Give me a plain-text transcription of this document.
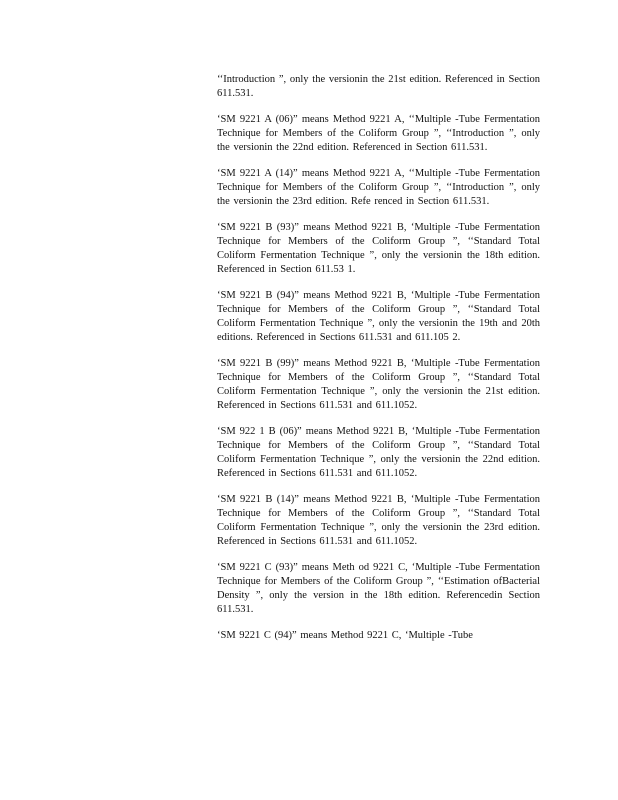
‘‘Introduction ”, only the versionin the 21st edition. Referenced in Section 611.531.

‘SM 9221 A (06)” means Method 9221 A, ‘‘Multiple -Tube Fermentation Technique for Members of the Coliform Group ”, ‘‘Introduction ”, only the versionin the 22nd edition. Referenced in Section 611.531.

‘SM 9221 A (14)” means Method 9221 A, ‘‘Multiple -Tube Fermentation Technique for Members of the Coliform Group ”, ‘‘Introduction ”, only the versionin the 23rd edition. Refe renced in Section 611.531.

‘SM 9221 B (93)” means Method 9221 B, ‘Multiple -Tube Fermentation Technique for Members of the Coliform Group ”, ‘‘Standard Total Coliform Fermentation Technique ”, only the versionin the 18th edition. Referenced in Section 611.53 1.

‘SM 9221 B (94)” means Method 9221 B, ‘Multiple -Tube Fermentation Technique for Members of the Coliform Group ”, ‘‘Standard Total Coliform Fermentation Technique ”, only the versionin the 19th and 20th editions. Referenced in Sections 611.531 and 611.105 2.

‘SM 9221 B (99)” means Method 9221 B, ‘Multiple -Tube Fermentation Technique for Members of the Coliform Group ”, ‘‘Standard Total Coliform Fermentation Technique ”, only the versionin the 21st edition. Referenced in Sections 611.531 and 611.1052.

‘SM 922 1 B (06)” means Method 9221 B, ‘Multiple -Tube Fermentation Technique for Members of the Coliform Group ”, ‘‘Standard Total Coliform Fermentation Technique ”, only the versionin the 22nd edition. Referenced in Sections 611.531 and 611.1052.

‘SM 9221 B (14)” means Method 9221 B, ‘Multiple -Tube Fermentation Technique for Members of the Coliform Group ”, ‘‘Standard Total Coliform Fermentation Technique ”, only the versionin the 23rd edition. Referenced in Sections 611.531 and 611.1052.

‘SM 9221 C (93)” means Meth od 9221 C, ‘Multiple -Tube Fermentation Technique for Members of the Coliform Group ”, ‘‘Estimation ofBacterial Density ”, only the version in the 18th edition. Referencedin Section 611.531.

‘SM 9221 C (94)” means Method 9221 C, ‘Multiple -Tube
